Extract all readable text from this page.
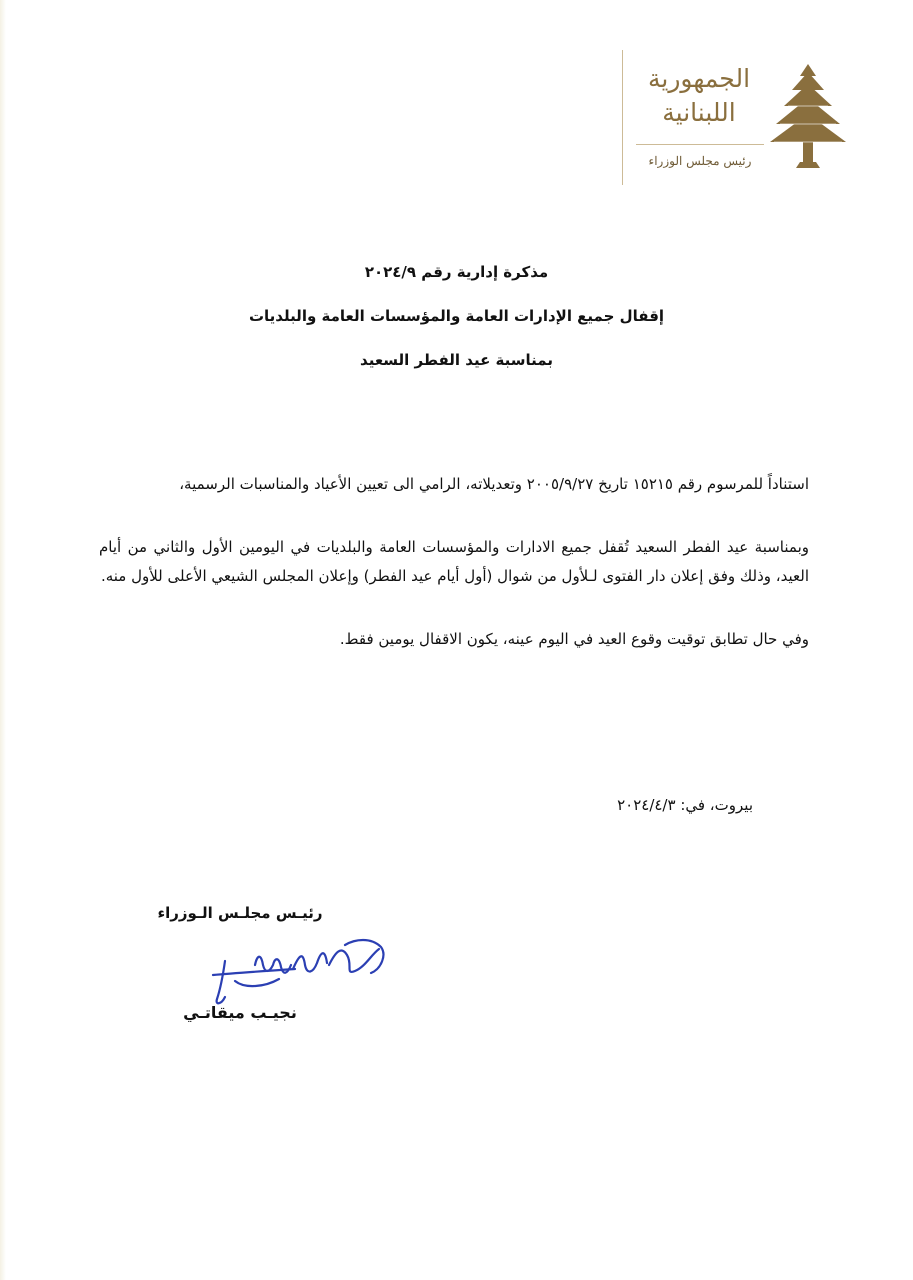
الجمهورية
اللبنانية
رئيس مجلس الوزراء
مذكرة إدارية رقم ٢٠٢٤/٩
إقفال جميع الإدارات العامة والمؤسسات العامة والبلديات
بمناسبة عيد الفطر السعيد

استناداً للمرسوم رقم ١٥٢١٥ تاريخ ٢٠٠٥/٩/٢٧ وتعديلاته، الرامي الى تعيين الأعياد والمناسبات الرسمية،

وبمناسبة عيد الفطر السعيد تُقفل جميع الادارات والمؤسسات العامة والبلديات في اليومين الأول والثاني من أيام العيد، وذلك وفق إعلان دار الفتوى لـلأول من شوال (أول أيام عيد الفطر) وإعلان المجلس الشيعي الأعلى للأول منه.

وفي حال تطابق توقيت وقوع العيد في اليوم عينه، يكون الاقفال يومين فقط.

بيروت، في: ٢٠٢٤/٤/٣
رئيـس مجلـس الـوزراء
نجيـب ميقاتـي
